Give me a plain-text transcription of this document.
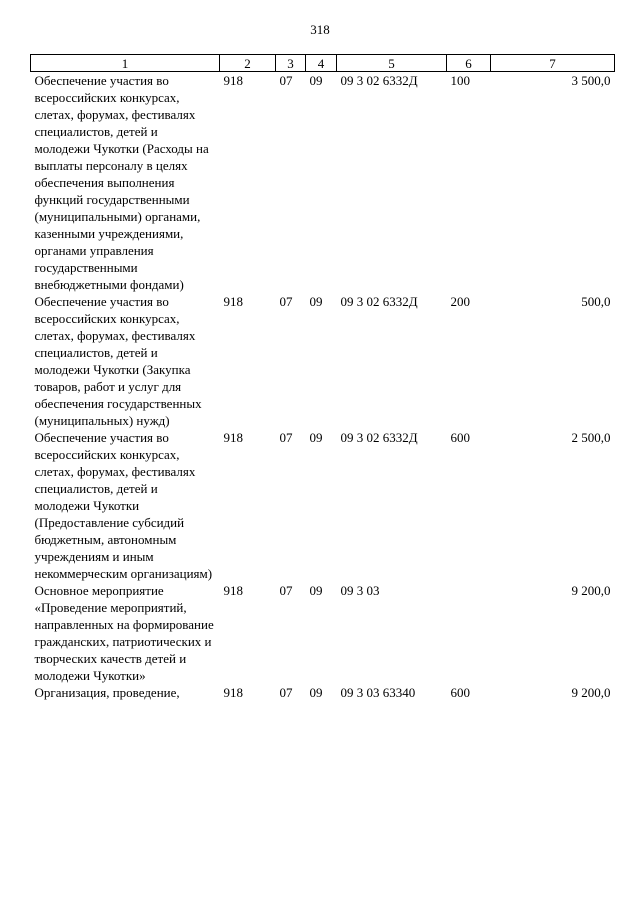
318
1	2	3	4	5	6	7
Обеспечение участия во всероссийских конкурсах, слетах, форумах, фестивалях специалистов, детей и молодежи Чукотки (Расходы на выплаты персоналу в целях обеспечения выполнения функций государственными (муниципальными) органами, казенными учреждениями, органами управления государственными внебюджетными фондами)	918	07	09	09 3 02 6332Д	100	3 500,0
Обеспечение участия во всероссийских конкурсах, слетах, форумах, фестивалях специалистов, детей и молодежи Чукотки (Закупка товаров, работ и услуг для обеспечения государственных (муниципальных) нужд)	918	07	09	09 3 02 6332Д	200	500,0
Обеспечение участия во всероссийских конкурсах, слетах, форумах, фестивалях специалистов, детей и молодежи Чукотки (Предоставление субсидий бюджетным, автономным учреждениям и иным некоммерческим организациям)	918	07	09	09 3 02 6332Д	600	2 500,0
Основное мероприятие «Проведение мероприятий, направленных на формирование гражданских, патриотических и творческих качеств детей и молодежи Чукотки»	918	07	09	09 3 03		9 200,0
Организация, проведение,	918	07	09	09 3 03 63340	600	9 200,0
